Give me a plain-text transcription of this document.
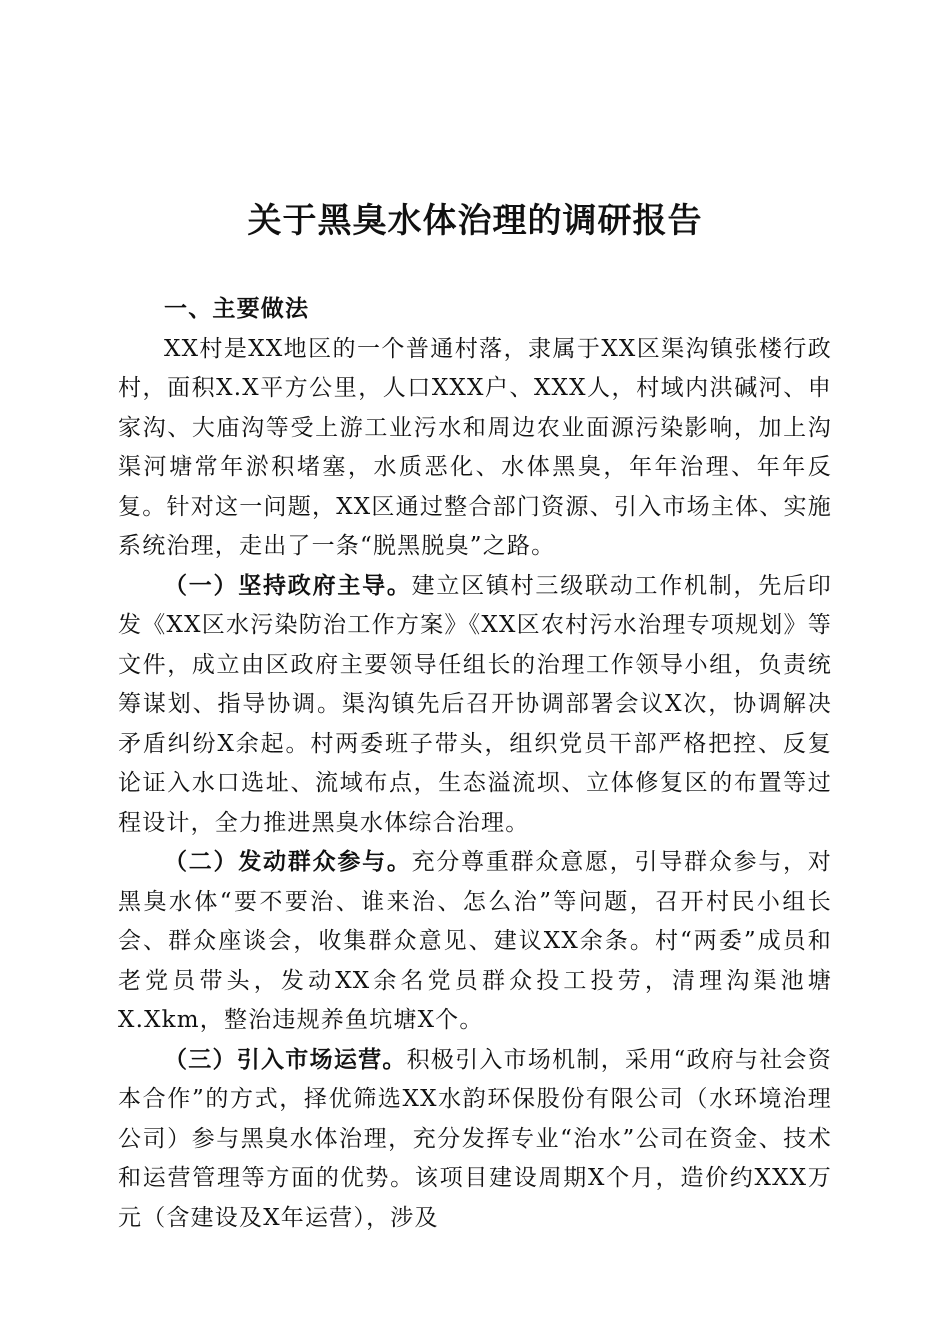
关于黑臭水体治理的调研报告

一、主要做法

XX村是XX地区的一个普通村落，隶属于XX区渠沟镇张楼行政村，面积X.X平方公里，人口XXX户、XXX人，村域内洪碱河、申家沟、大庙沟等受上游工业污水和周边农业面源污染影响，加上沟渠河塘常年淤积堵塞，水质恶化、水体黑臭，年年治理、年年反复。针对这一问题，XX区通过整合部门资源、引入市场主体、实施系统治理，走出了一条“脱黑脱臭”之路。

（一）坚持政府主导。建立区镇村三级联动工作机制，先后印发《XX区水污染防治工作方案》《XX区农村污水治理专项规划》等文件，成立由区政府主要领导任组长的治理工作领导小组，负责统筹谋划、指导协调。渠沟镇先后召开协调部署会议X次，协调解决矛盾纠纷X余起。村两委班子带头，组织党员干部严格把控、反复论证入水口选址、流域布点，生态溢流坝、立体修复区的布置等过程设计，全力推进黑臭水体综合治理。

（二）发动群众参与。充分尊重群众意愿，引导群众参与，对黑臭水体“要不要治、谁来治、怎么治”等问题，召开村民小组长会、群众座谈会，收集群众意见、建议XX余条。村“两委”成员和老党员带头，发动XX余名党员群众投工投劳，清理沟渠池塘X.Xkm，整治违规养鱼坑塘X个。

（三）引入市场运营。积极引入市场机制，采用“政府与社会资本合作”的方式，择优筛选XX水韵环保股份有限公司（水环境治理公司）参与黑臭水体治理，充分发挥专业“治水”公司在资金、技术和运营管理等方面的优势。该项目建设周期X个月，造价约XXX万元（含建设及X年运营），涉及
